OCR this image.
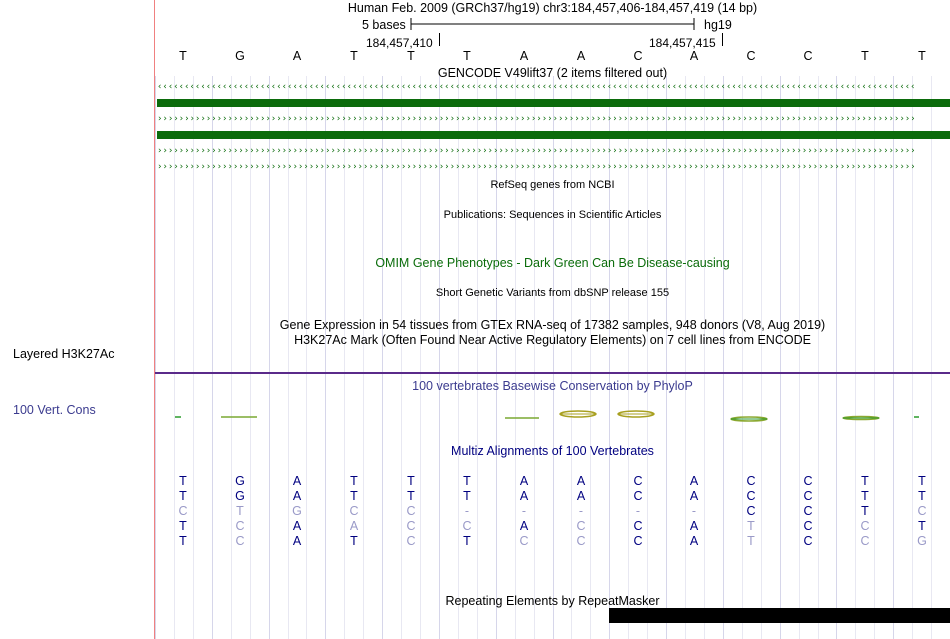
Layered H3K27Ac
100 Vert. Cons
Human Feb. 2009 (GRCh37/hg19) chr3:184,457,406-184,457,419 (14 bp)
5 bases	hg19
184,457,410	184,457,415
T	G	A	T	T	T	A	A	C	A	C	C	T	T
GENCODE V49lift37 (2 items filtered out)
‹‹‹‹‹‹‹‹‹‹‹‹‹‹‹‹‹‹‹‹‹‹‹‹‹‹‹‹‹‹‹‹‹‹‹‹‹‹‹‹‹‹‹‹‹‹‹‹‹‹‹‹‹‹‹‹‹‹‹‹‹‹‹‹‹‹‹‹‹‹‹‹‹‹‹‹‹‹‹‹‹‹‹‹‹‹‹‹‹‹‹‹‹‹‹‹‹‹‹‹‹‹‹‹‹‹‹‹‹‹‹‹‹‹‹‹‹‹‹‹‹‹‹‹‹‹‹‹‹‹‹‹‹‹‹‹‹‹‹‹
››››››››››››››››››››››››››››››››››››››››››››››››››››››››››››››››››››››››››››››››››››››››››››››››››››››››››››››››››››››››››››››››››››››››››››
››››››››››››››››››››››››››››››››››››››››››››››››››››››››››››››››››››››››››››››››››››››››››››››››››››››››››››››››››››››››››››››››››››››››››››
››››››››››››››››››››››››››››››››››››››››››››››››››››››››››››››››››››››››››››››››››››››››››››››››››››››››››››››››››››››››››››››››››››››››››››
RefSeq genes from NCBI
Publications: Sequences in Scientific Articles
OMIM Gene Phenotypes - Dark Green Can Be Disease-causing
Short Genetic Variants from dbSNP release 155
Gene Expression in 54 tissues from GTEx RNA-seq of 17382 samples, 948 donors (V8, Aug 2019)
H3K27Ac Mark (Often Found Near Active Regulatory Elements) on 7 cell lines from ENCODE
100 vertebrates Basewise Conservation by PhyloP
Multiz Alignments of 100 Vertebrates
T	G	A	T	T	T	A	A	C	A	C	C	T	T
T	G	A	T	T	T	A	A	C	A	C	C	T	T
C	T	G	C	C	-	-	-	-	-	C	C	T	C
T	C	A	A	C	C	A	C	C	A	T	C	C	T
T	C	A	T	C	T	C	C	C	A	T	C	C	G
Repeating Elements by RepeatMasker
